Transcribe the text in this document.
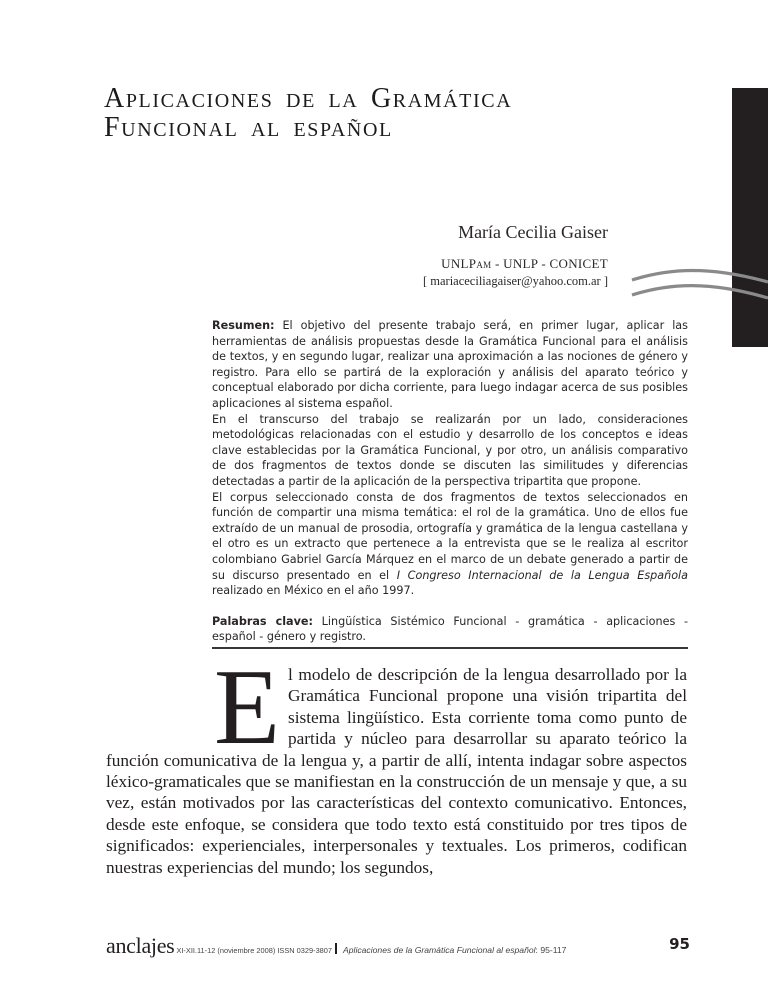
Aplicaciones de la Gramática
Funcional al español
María Cecilia Gaiser
UNLPam - UNLP - CONICET
[ mariaceciliagaiser@yahoo.com.ar ]

Resumen: El objetivo del presente trabajo será, en primer lugar, aplicar las herramientas de análisis propuestas desde la Gramática Funcional para el análisis de textos, y en segundo lugar, realizar una aproximación a las nociones de género y registro. Para ello se partirá de la exploración y análisis del aparato teórico y conceptual elaborado por dicha corriente, para luego indagar acerca de sus posibles aplicaciones al sistema español.

En el transcurso del trabajo se realizarán por un lado, consideraciones metodológicas relacionadas con el estudio y desarrollo de los conceptos e ideas clave establecidas por la Gramática Funcional, y por otro, un análisis comparativo de dos fragmentos de textos donde se discuten las similitudes y diferencias detectadas a partir de la aplicación de la perspectiva tripartita que propone.

El corpus seleccionado consta de dos fragmentos de textos seleccionados en función de compartir una misma temática: el rol de la gramática. Uno de ellos fue extraído de un manual de prosodia, ortografía y gramática de la lengua castellana y el otro es un extracto que pertenece a la entrevista que se le realiza al escritor colombiano Gabriel García Márquez en el marco de un debate generado a partir de su discurso presentado en el I Congreso Internacional de la Lengua Española realizado en México en el año 1997.

Palabras clave: Lingüística Sistémico Funcional - gramática - aplicaciones - español - género y registro.

E l modelo de descripción de la lengua desarrollado por la Gramática Funcional propone una visión tripartita del sistema lingüístico. Esta corriente toma como punto de partida y núcleo para desarrollar su aparato teórico la función comunicativa de la lengua y, a partir de allí, intenta indagar sobre aspectos léxico-gramaticales que se manifiestan en la construcción de un mensaje y que, a su vez, están motivados por las características del contexto comunicativo. Entonces, desde este enfoque, se considera que todo texto está constituido por tres tipos de significados: experienciales, interpersonales y textuales. Los primeros, codifican nuestras experiencias del mundo; los segundos,

anclajes XI-XII.11-12 (noviembre 2008) ISSN 0329-3807 Aplicaciones de la Gramática Funcional al español: 95-117	95
